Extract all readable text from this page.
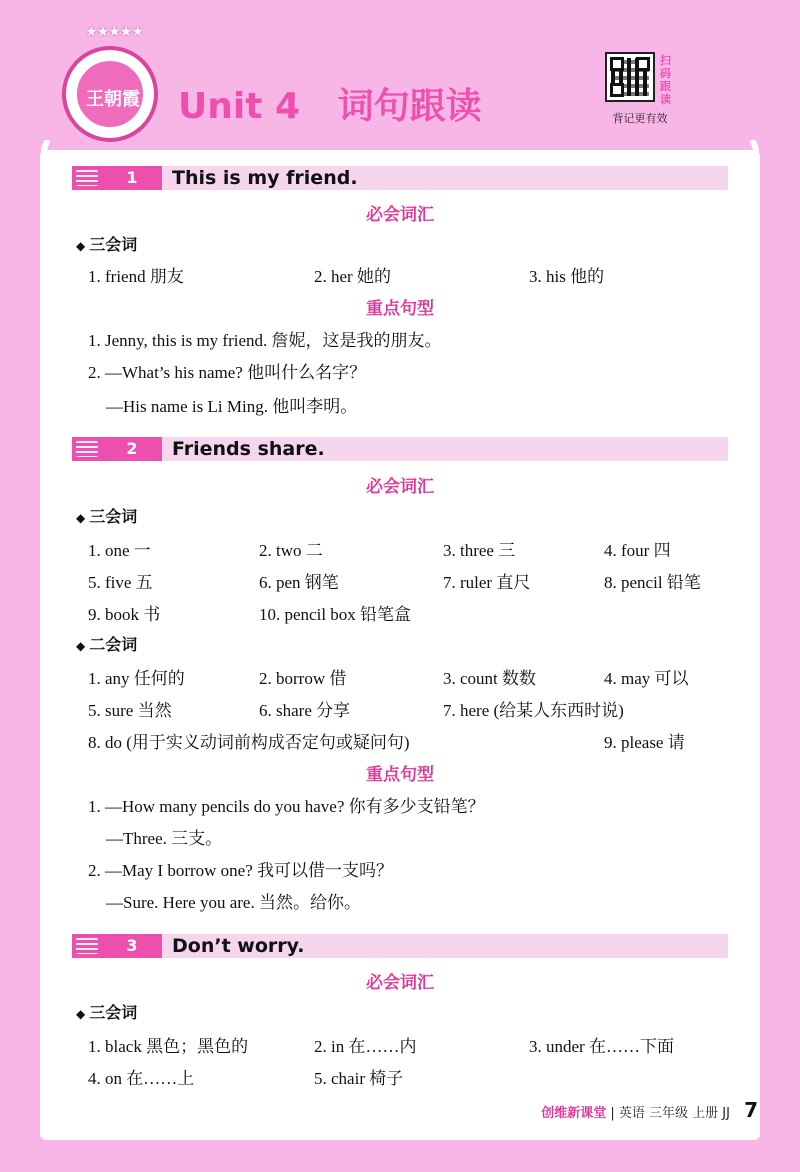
王朝霞
★★★★★
Unit 4   词句跟读
扫码跟读
背记更有效
1	This is my friend.
必会词汇
◆ 三会词
1. friend 朋友	2. her 她的	3. his 他的
重点句型
1. Jenny, this is my friend. 詹妮，这是我的朋友。
2. —What’s his name? 他叫什么名字？
—His name is Li Ming. 他叫李明。
2	Friends share.
必会词汇
◆ 三会词
1. one 一	2. two 二	3. three 三	4. four 四
5. five 五	6. pen 钢笔	7. ruler 直尺	8. pencil 铅笔
9. book 书	10. pencil box 铅笔盒
◆ 二会词
1. any 任何的	2. borrow 借	3. count 数数	4. may 可以
5. sure 当然	6. share 分享	7. here (给某人东西时说)
8. do (用于实义动词前构成否定句或疑问句)	9. please 请
重点句型
1. —How many pencils do you have? 你有多少支铅笔？
—Three. 三支。
2. —May I borrow one? 我可以借一支吗？
—Sure. Here you are. 当然。给你。
3	Don’t worry.
必会词汇
◆ 三会词
1. black 黑色；黑色的	2. in 在……内	3. under 在……下面
4. on 在……上	5. chair 椅子
创维新课堂 | 英语 三年级 上册 JJ 7
